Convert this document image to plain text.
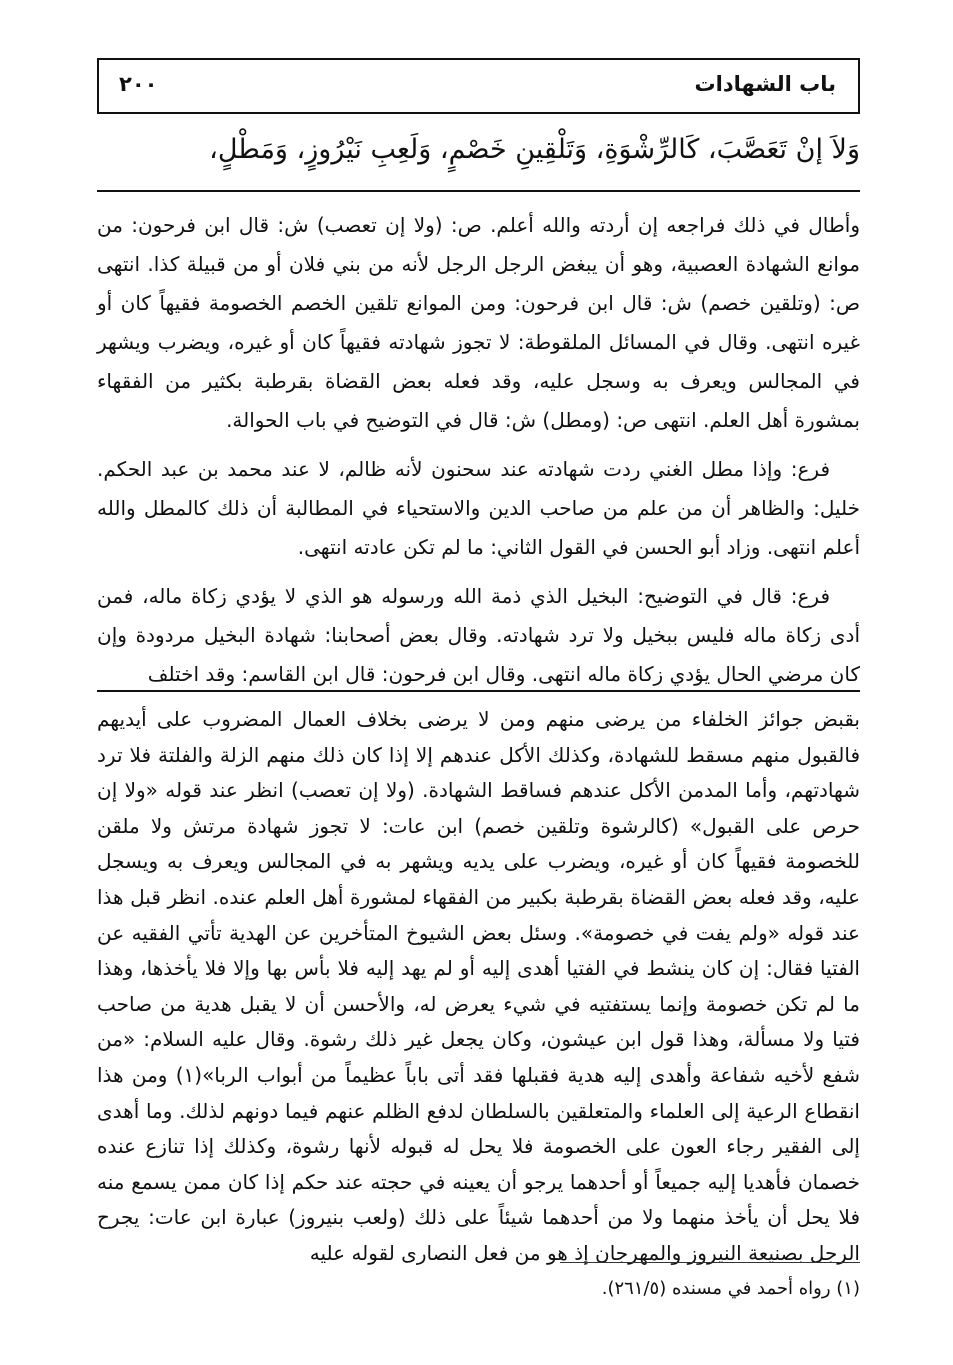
باب الشهادات
٢٠٠
وَلاَ إنْ تَعَصَّبَ، كَالرِّشْوَةِ، وَتَلْقِينِ خَصْمٍ، وَلَعِبِ نَيْرُوزٍ، وَمَطْلٍ،

وأطال في ذلك فراجعه إن أردته والله أعلم. ص: (ولا إن تعصب) ش: قال ابن فرحون: من موانع الشهادة العصبية، وهو أن يبغض الرجل الرجل لأنه من بني فلان أو من قبيلة كذا. انتهى ص: (وتلقين خصم) ش: قال ابن فرحون: ومن الموانع تلقين الخصم الخصومة فقيهاً كان أو غيره انتهى. وقال في المسائل الملقوطة: لا تجوز شهادته فقيهاً كان أو غيره، ويضرب ويشهر في المجالس ويعرف به وسجل عليه، وقد فعله بعض القضاة بقرطبة بكثير من الفقهاء بمشورة أهل العلم. انتهى ص: (ومطل) ش: قال في التوضيح في باب الحوالة.

فرع: وإذا مطل الغني ردت شهادته عند سحنون لأنه ظالم، لا عند محمد بن عبد الحكم. خليل: والظاهر أن من علم من صاحب الدين والاستحياء في المطالبة أن ذلك كالمطل والله أعلم انتهى. وزاد أبو الحسن في القول الثاني: ما لم تكن عادته انتهى.

فرع: قال في التوضيح: البخيل الذي ذمة الله ورسوله هو الذي لا يؤدي زكاة ماله، فمن أدى زكاة ماله فليس ببخيل ولا ترد شهادته. وقال بعض أصحابنا: شهادة البخيل مردودة وإن كان مرضي الحال يؤدي زكاة ماله انتهى. وقال ابن فرحون: قال ابن القاسم: وقد اختلف

بقبض جوائز الخلفاء من يرضى منهم ومن لا يرضى بخلاف العمال المضروب على أيديهم فالقبول منهم مسقط للشهادة، وكذلك الأكل عندهم إلا إذا كان ذلك منهم الزلة والفلتة فلا ترد شهادتهم، وأما المدمن الأكل عندهم فساقط الشهادة. (ولا إن تعصب) انظر عند قوله «ولا إن حرص على القبول» (كالرشوة وتلقين خصم) ابن عات: لا تجوز شهادة مرتش ولا ملقن للخصومة فقيهاً كان أو غيره، ويضرب على يديه ويشهر به في المجالس ويعرف به ويسجل عليه، وقد فعله بعض القضاة بقرطبة بكبير من الفقهاء لمشورة أهل العلم عنده. انظر قبل هذا عند قوله «ولم يفت في خصومة». وسئل بعض الشيوخ المتأخرين عن الهدية تأتي الفقيه عن الفتيا فقال: إن كان ينشط في الفتيا أهدى إليه أو لم يهد إليه فلا بأس بها وإلا فلا يأخذها، وهذا ما لم تكن خصومة وإنما يستفتيه في شيء يعرض له، والأحسن أن لا يقبل هدية من صاحب فتيا ولا مسألة، وهذا قول ابن عيشون، وكان يجعل غير ذلك رشوة. وقال عليه السلام: «من شفع لأخيه شفاعة وأهدى إليه هدية فقبلها فقد أتى باباً عظيماً من أبواب الربا»(١) ومن هذا انقطاع الرعية إلى العلماء والمتعلقين بالسلطان لدفع الظلم عنهم فيما دونهم لذلك. وما أهدى إلى الفقير رجاء العون على الخصومة فلا يحل له قبوله لأنها رشوة، وكذلك إذا تنازع عنده خصمان فأهديا إليه جميعاً أو أحدهما يرجو أن يعينه في حجته عند حكم إذا كان ممن يسمع منه فلا يحل أن يأخذ منهما ولا من أحدهما شيئاً على ذلك (ولعب بنيروز) عبارة ابن عات: يجرح الرجل بصنيعة النيروز والمهرجان إذ هو من فعل النصارى لقوله عليه

(١) رواه أحمد في مسنده (٢٦١/٥).
